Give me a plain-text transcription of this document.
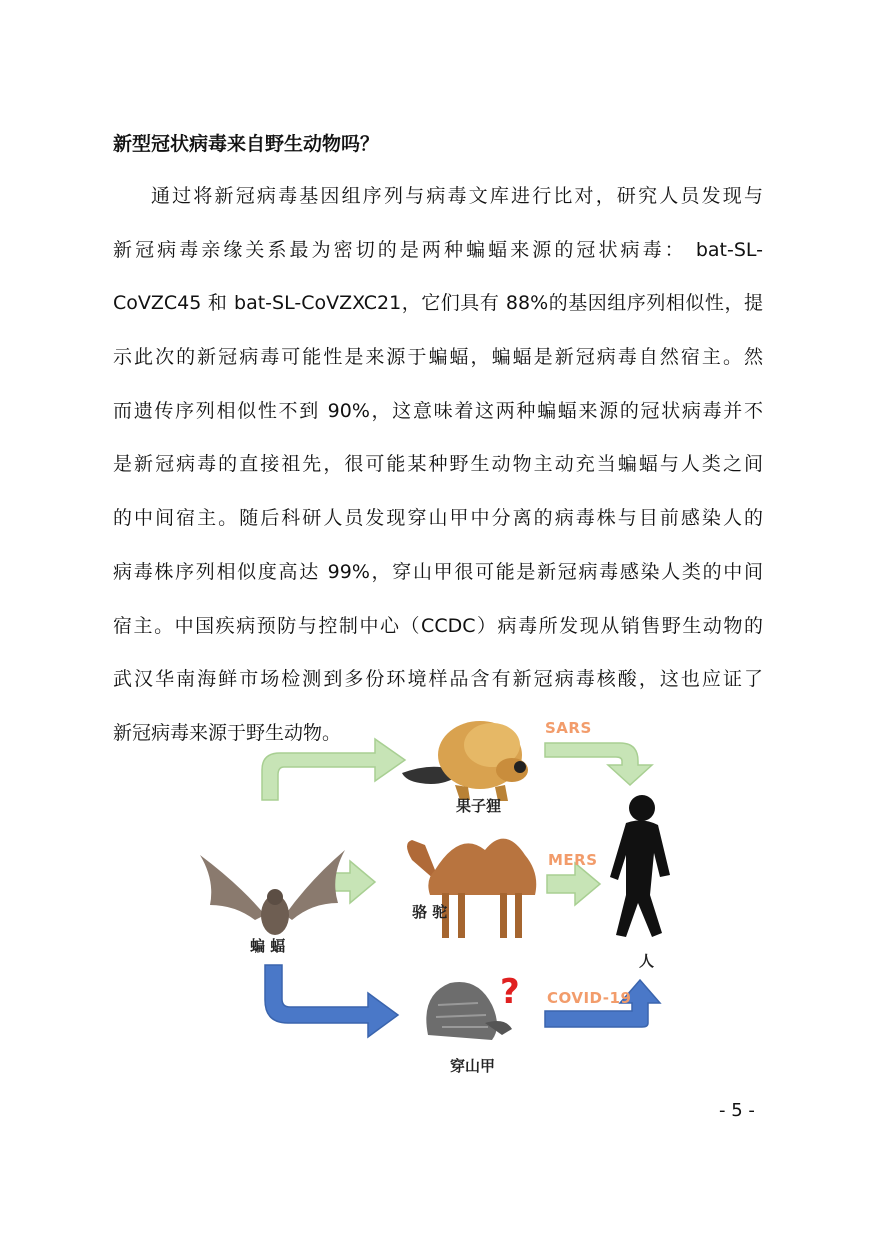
新型冠状病毒来自野生动物吗？
通过将新冠病毒基因组序列与病毒文库进行比对，研究人员发现与
新冠病毒亲缘关系最为密切的是两种蝙蝠来源的冠状病毒： bat-SL-
CoVZC45 和 bat-SL-CoVZXC21，它们具有 88%的基因组序列相似性，提
示此次的新冠病毒可能性是来源于蝙蝠，蝙蝠是新冠病毒自然宿主。然
而遗传序列相似性不到 90%，这意味着这两种蝙蝠来源的冠状病毒并不
是新冠病毒的直接祖先，很可能某种野生动物主动充当蝙蝠与人类之间
的中间宿主。随后科研人员发现穿山甲中分离的病毒株与目前感染人的
病毒株序列相似度高达 99%，穿山甲很可能是新冠病毒感染人类的中间
宿主。中国疾病预防与控制中心（CCDC）病毒所发现从销售野生动物的
武汉华南海鲜市场检测到多份环境样品含有新冠病毒核酸，这也应证了
新冠病毒来源于野生动物。
?
果子狸
骆 驼
蝙 蝠
穿山甲
人
SARS
MERS
COVID-19
- 5 -
